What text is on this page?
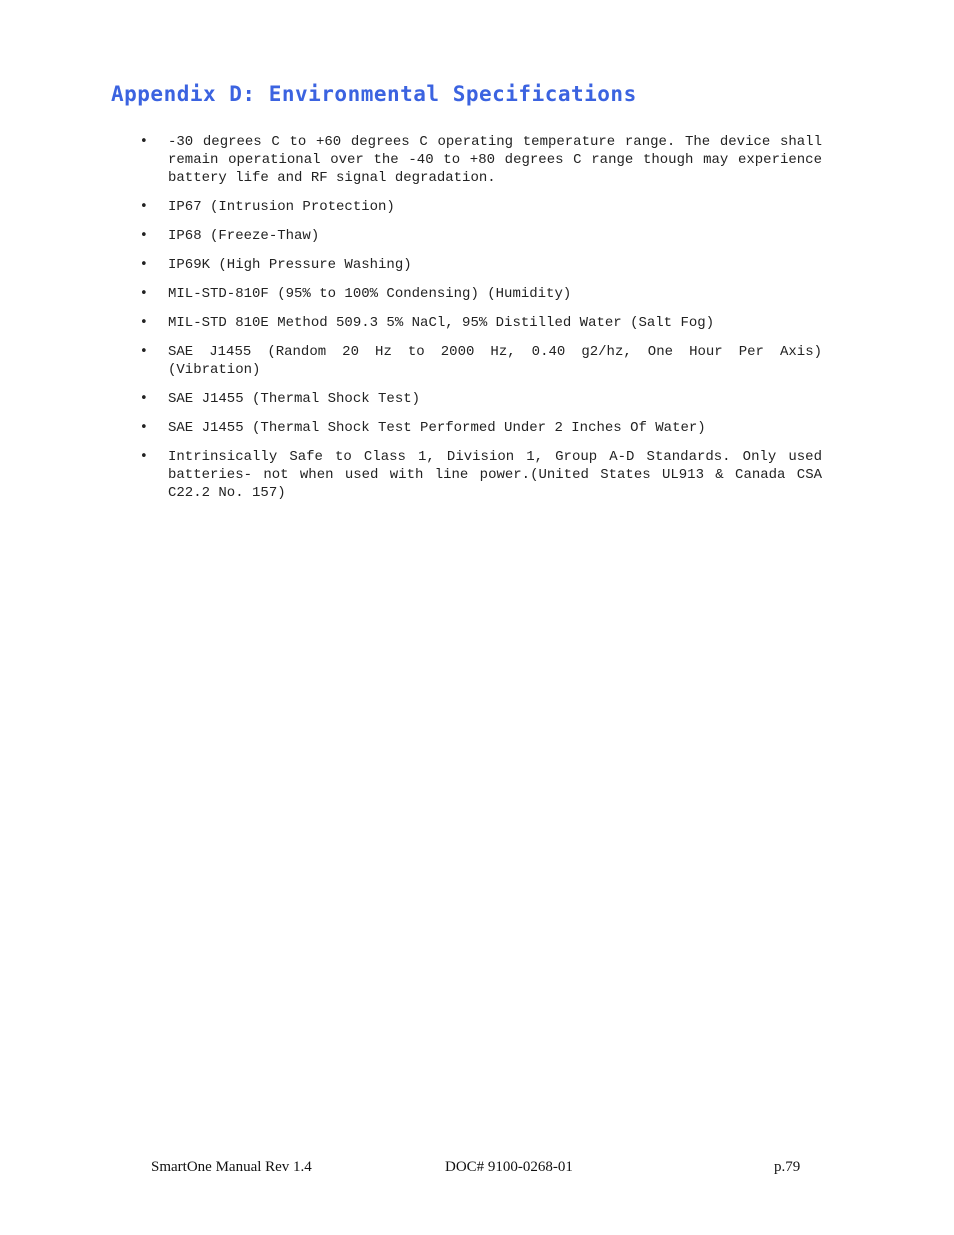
Appendix D: Environmental Specifications
• -30 degrees C to +60 degrees C operating temperature range. The device shall remain operational over the -40 to +80 degrees C range though may experience battery life and RF signal degradation.
• IP67 (Intrusion Protection)
• IP68 (Freeze-Thaw)
• IP69K (High Pressure Washing)
• MIL-STD-810F (95% to 100% Condensing) (Humidity)
• MIL-STD 810E Method 509.3 5% NaCl, 95% Distilled Water (Salt Fog)
• SAE J1455 (Random 20 Hz to 2000 Hz, 0.40 g2/hz, One Hour Per Axis) (Vibration)
• SAE J1455 (Thermal Shock Test)
• SAE J1455 (Thermal Shock Test Performed Under 2 Inches Of Water)
• Intrinsically Safe to Class 1, Division 1, Group A-D Standards. Only used batteries- not when used with line power.(United States UL913 & Canada CSA C22.2 No. 157)
SmartOne Manual Rev 1.4	DOC# 9100-0268-01	p.79
